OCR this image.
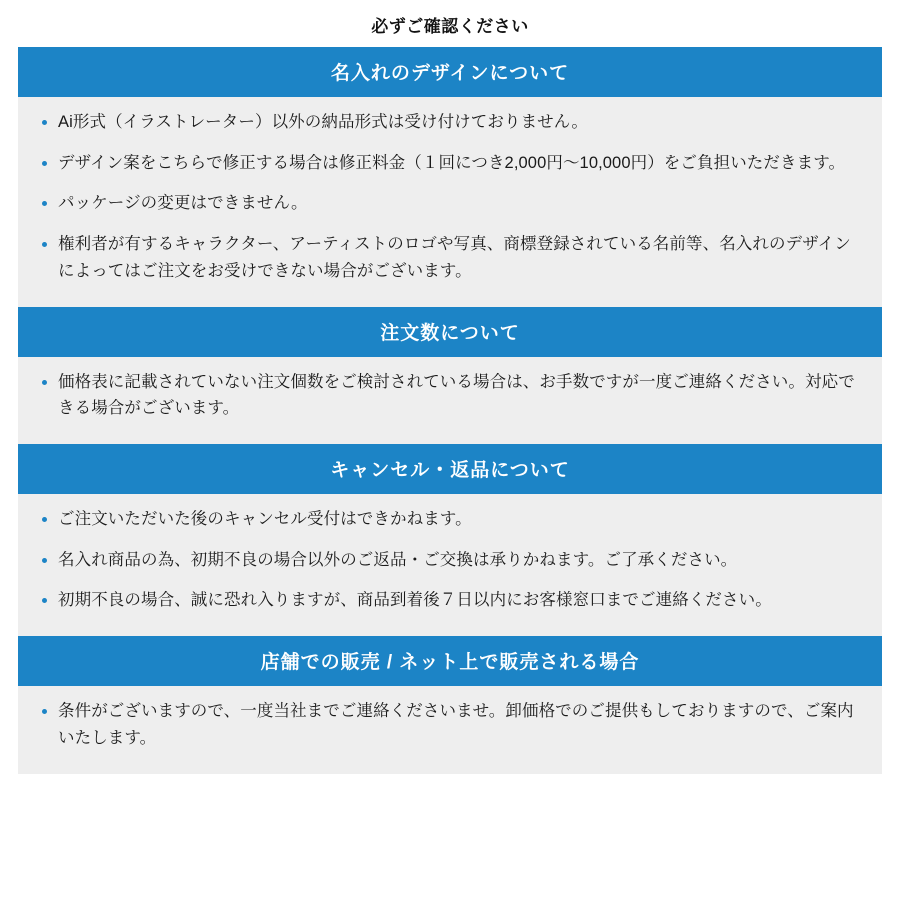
必ずご確認ください
名入れのデザインについて
Ai形式（イラストレーター）以外の納品形式は受け付けておりません。
デザイン案をこちらで修正する場合は修正料金（１回につき2,000円〜10,000円）をご負担いただきます。
パッケージの変更はできません。
権利者が有するキャラクター、アーティストのロゴや写真、商標登録されている名前等、名入れのデザインによってはご注文をお受けできない場合がございます。
注文数について
価格表に記載されていない注文個数をご検討されている場合は、お手数ですが一度ご連絡ください。対応できる場合がございます。
キャンセル・返品について
ご注文いただいた後のキャンセル受付はできかねます。
名入れ商品の為、初期不良の場合以外のご返品・ご交換は承りかねます。ご了承ください。
初期不良の場合、誠に恐れ入りますが、商品到着後７日以内にお客様窓口までご連絡ください。
店舗での販売 / ネット上で販売される場合
条件がございますので、一度当社までご連絡くださいませ。卸価格でのご提供もしておりますので、ご案内いたします。
